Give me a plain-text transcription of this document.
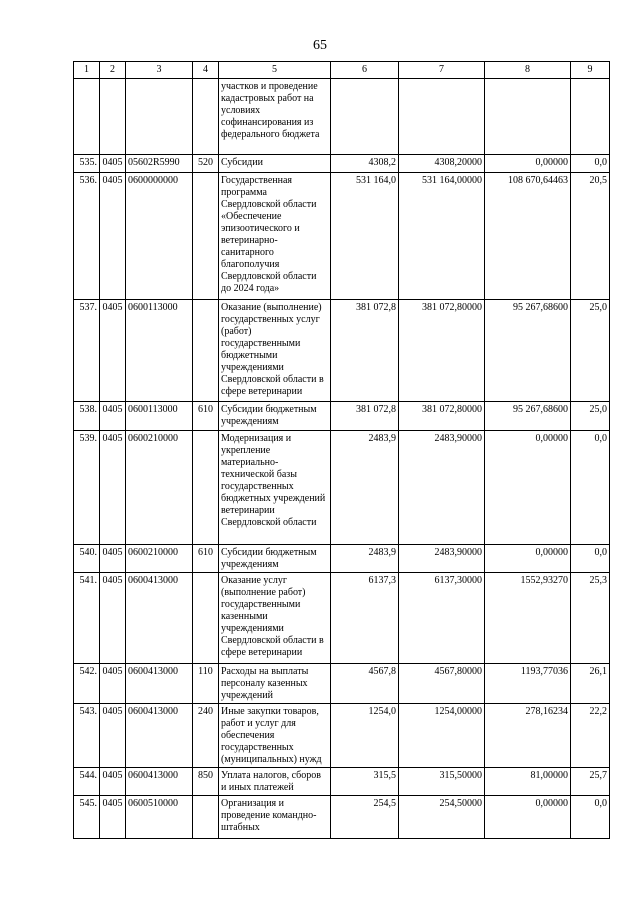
65
1	2	3	4	5	6	7	8	9
				участков и проведение кадастровых работ на условиях софинансирования из федерального бюджета				
535.	0405	05602R5990	520	Субсидии	4308,2	4308,20000	0,00000	0,0
536.	0405	0600000000		Государственная программа Свердловской области «Обеспечение эпизоотического и ветеринарно-санитарного благополучия Свердловской области до 2024 года»	531 164,0	531 164,00000	108 670,64463	20,5
537.	0405	0600113000		Оказание (выполнение) государственных услуг (работ) государственными бюджетными учреждениями Свердловской области в сфере ветеринарии	381 072,8	381 072,80000	95 267,68600	25,0
538.	0405	0600113000	610	Субсидии бюджетным учреждениям	381 072,8	381 072,80000	95 267,68600	25,0
539.	0405	0600210000		Модернизация и укрепление материально-технической базы государственных бюджетных учреждений ветеринарии Свердловской области	2483,9	2483,90000	0,00000	0,0
540.	0405	0600210000	610	Субсидии бюджетным учреждениям	2483,9	2483,90000	0,00000	0,0
541.	0405	0600413000		Оказание услуг (выполнение работ) государственными казенными учреждениями Свердловской области в сфере ветеринарии	6137,3	6137,30000	1552,93270	25,3
542.	0405	0600413000	110	Расходы на выплаты персоналу казенных учреждений	4567,8	4567,80000	1193,77036	26,1
543.	0405	0600413000	240	Иные закупки товаров, работ и услуг для обеспечения государственных (муниципальных) нужд	1254,0	1254,00000	278,16234	22,2
544.	0405	0600413000	850	Уплата налогов, сборов и иных платежей	315,5	315,50000	81,00000	25,7
545.	0405	0600510000		Организация и проведение командно-штабных	254,5	254,50000	0,00000	0,0
